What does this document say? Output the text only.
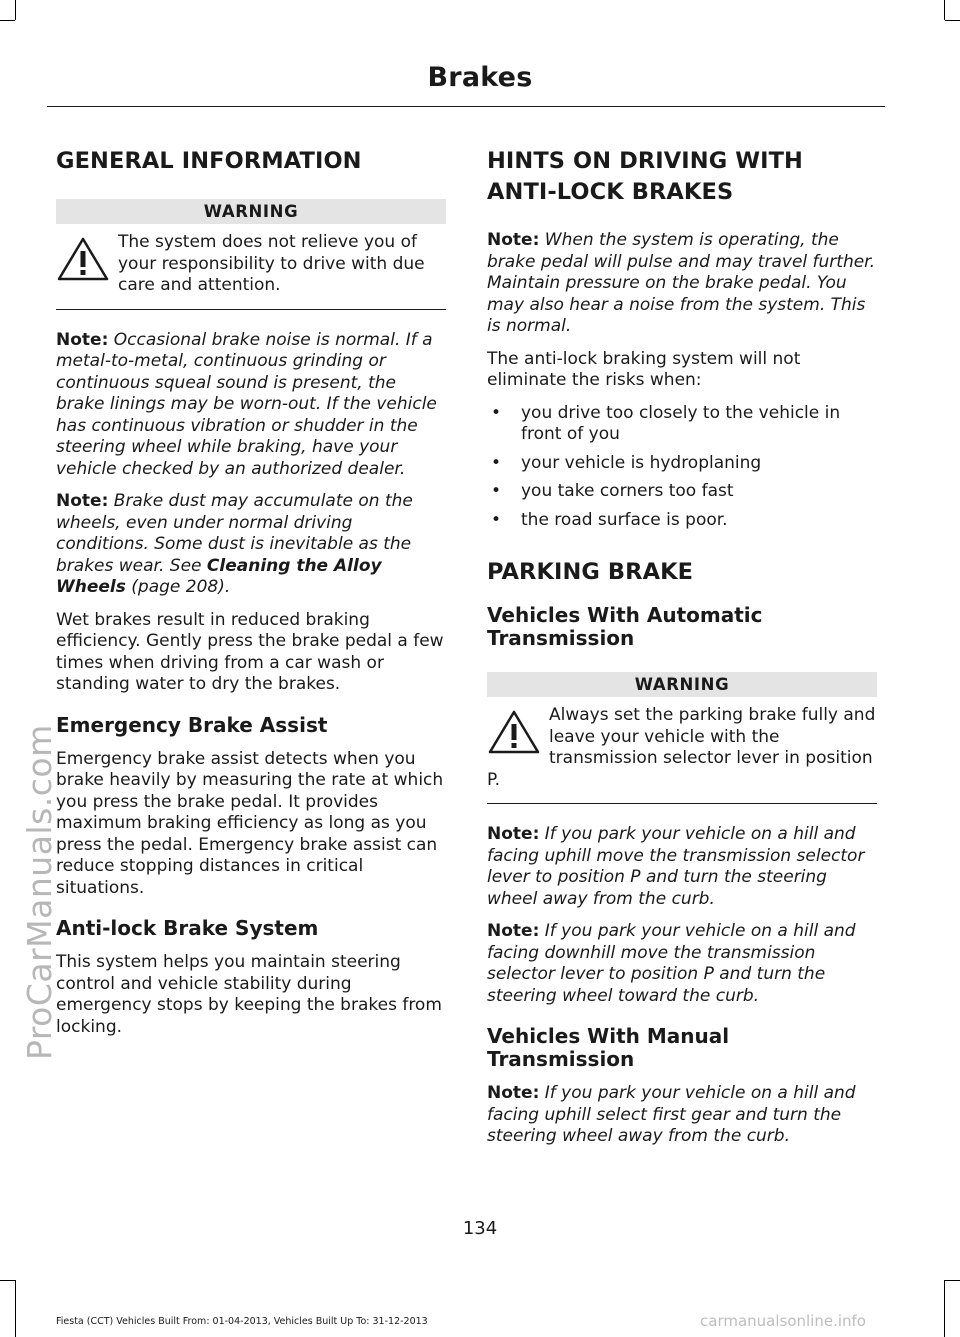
Brakes
GENERAL INFORMATION
WARNING
The system does not relieve you of your responsibility to drive with due care and attention.

Note: Occasional brake noise is normal. If a metal-to-metal, continuous grinding or continuous squeal sound is present, the brake linings may be worn-out. If the vehicle has continuous vibration or shudder in the steering wheel while braking, have your vehicle checked by an authorized dealer.

Note: Brake dust may accumulate on the wheels, even under normal driving conditions. Some dust is inevitable as the brakes wear. See Cleaning the Alloy Wheels (page 208).

Wet brakes result in reduced braking efficiency. Gently press the brake pedal a few times when driving from a car wash or standing water to dry the brakes.

Emergency Brake Assist

Emergency brake assist detects when you brake heavily by measuring the rate at which you press the brake pedal. It provides maximum braking efficiency as long as you press the pedal. Emergency brake assist can reduce stopping distances in critical situations.

Anti-lock Brake System

This system helps you maintain steering control and vehicle stability during emergency stops by keeping the brakes from locking.

HINTS ON DRIVING WITH
ANTI-LOCK BRAKES

Note: When the system is operating, the brake pedal will pulse and may travel further. Maintain pressure on the brake pedal. You may also hear a noise from the system. This is normal.

The anti-lock braking system will not eliminate the risks when:

• you drive too closely to the vehicle in front of you
• your vehicle is hydroplaning
• you take corners too fast
• the road surface is poor.
PARKING BRAKE
Vehicles With Automatic Transmission
WARNING
Always set the parking brake fully and leave your vehicle with the transmission selector lever in position P.

Note: If you park your vehicle on a hill and facing uphill move the transmission selector lever to position P and turn the steering wheel away from the curb.

Note: If you park your vehicle on a hill and facing downhill move the transmission selector lever to position P and turn the steering wheel toward the curb.

Vehicles With Manual Transmission

Note: If you park your vehicle on a hill and facing uphill select first gear and turn the steering wheel away from the curb.

134
Fiesta (CCT) Vehicles Built From: 01-04-2013, Vehicles Built Up To: 31-12-2013
ProCarManuals.com
carmanualsonline.info
